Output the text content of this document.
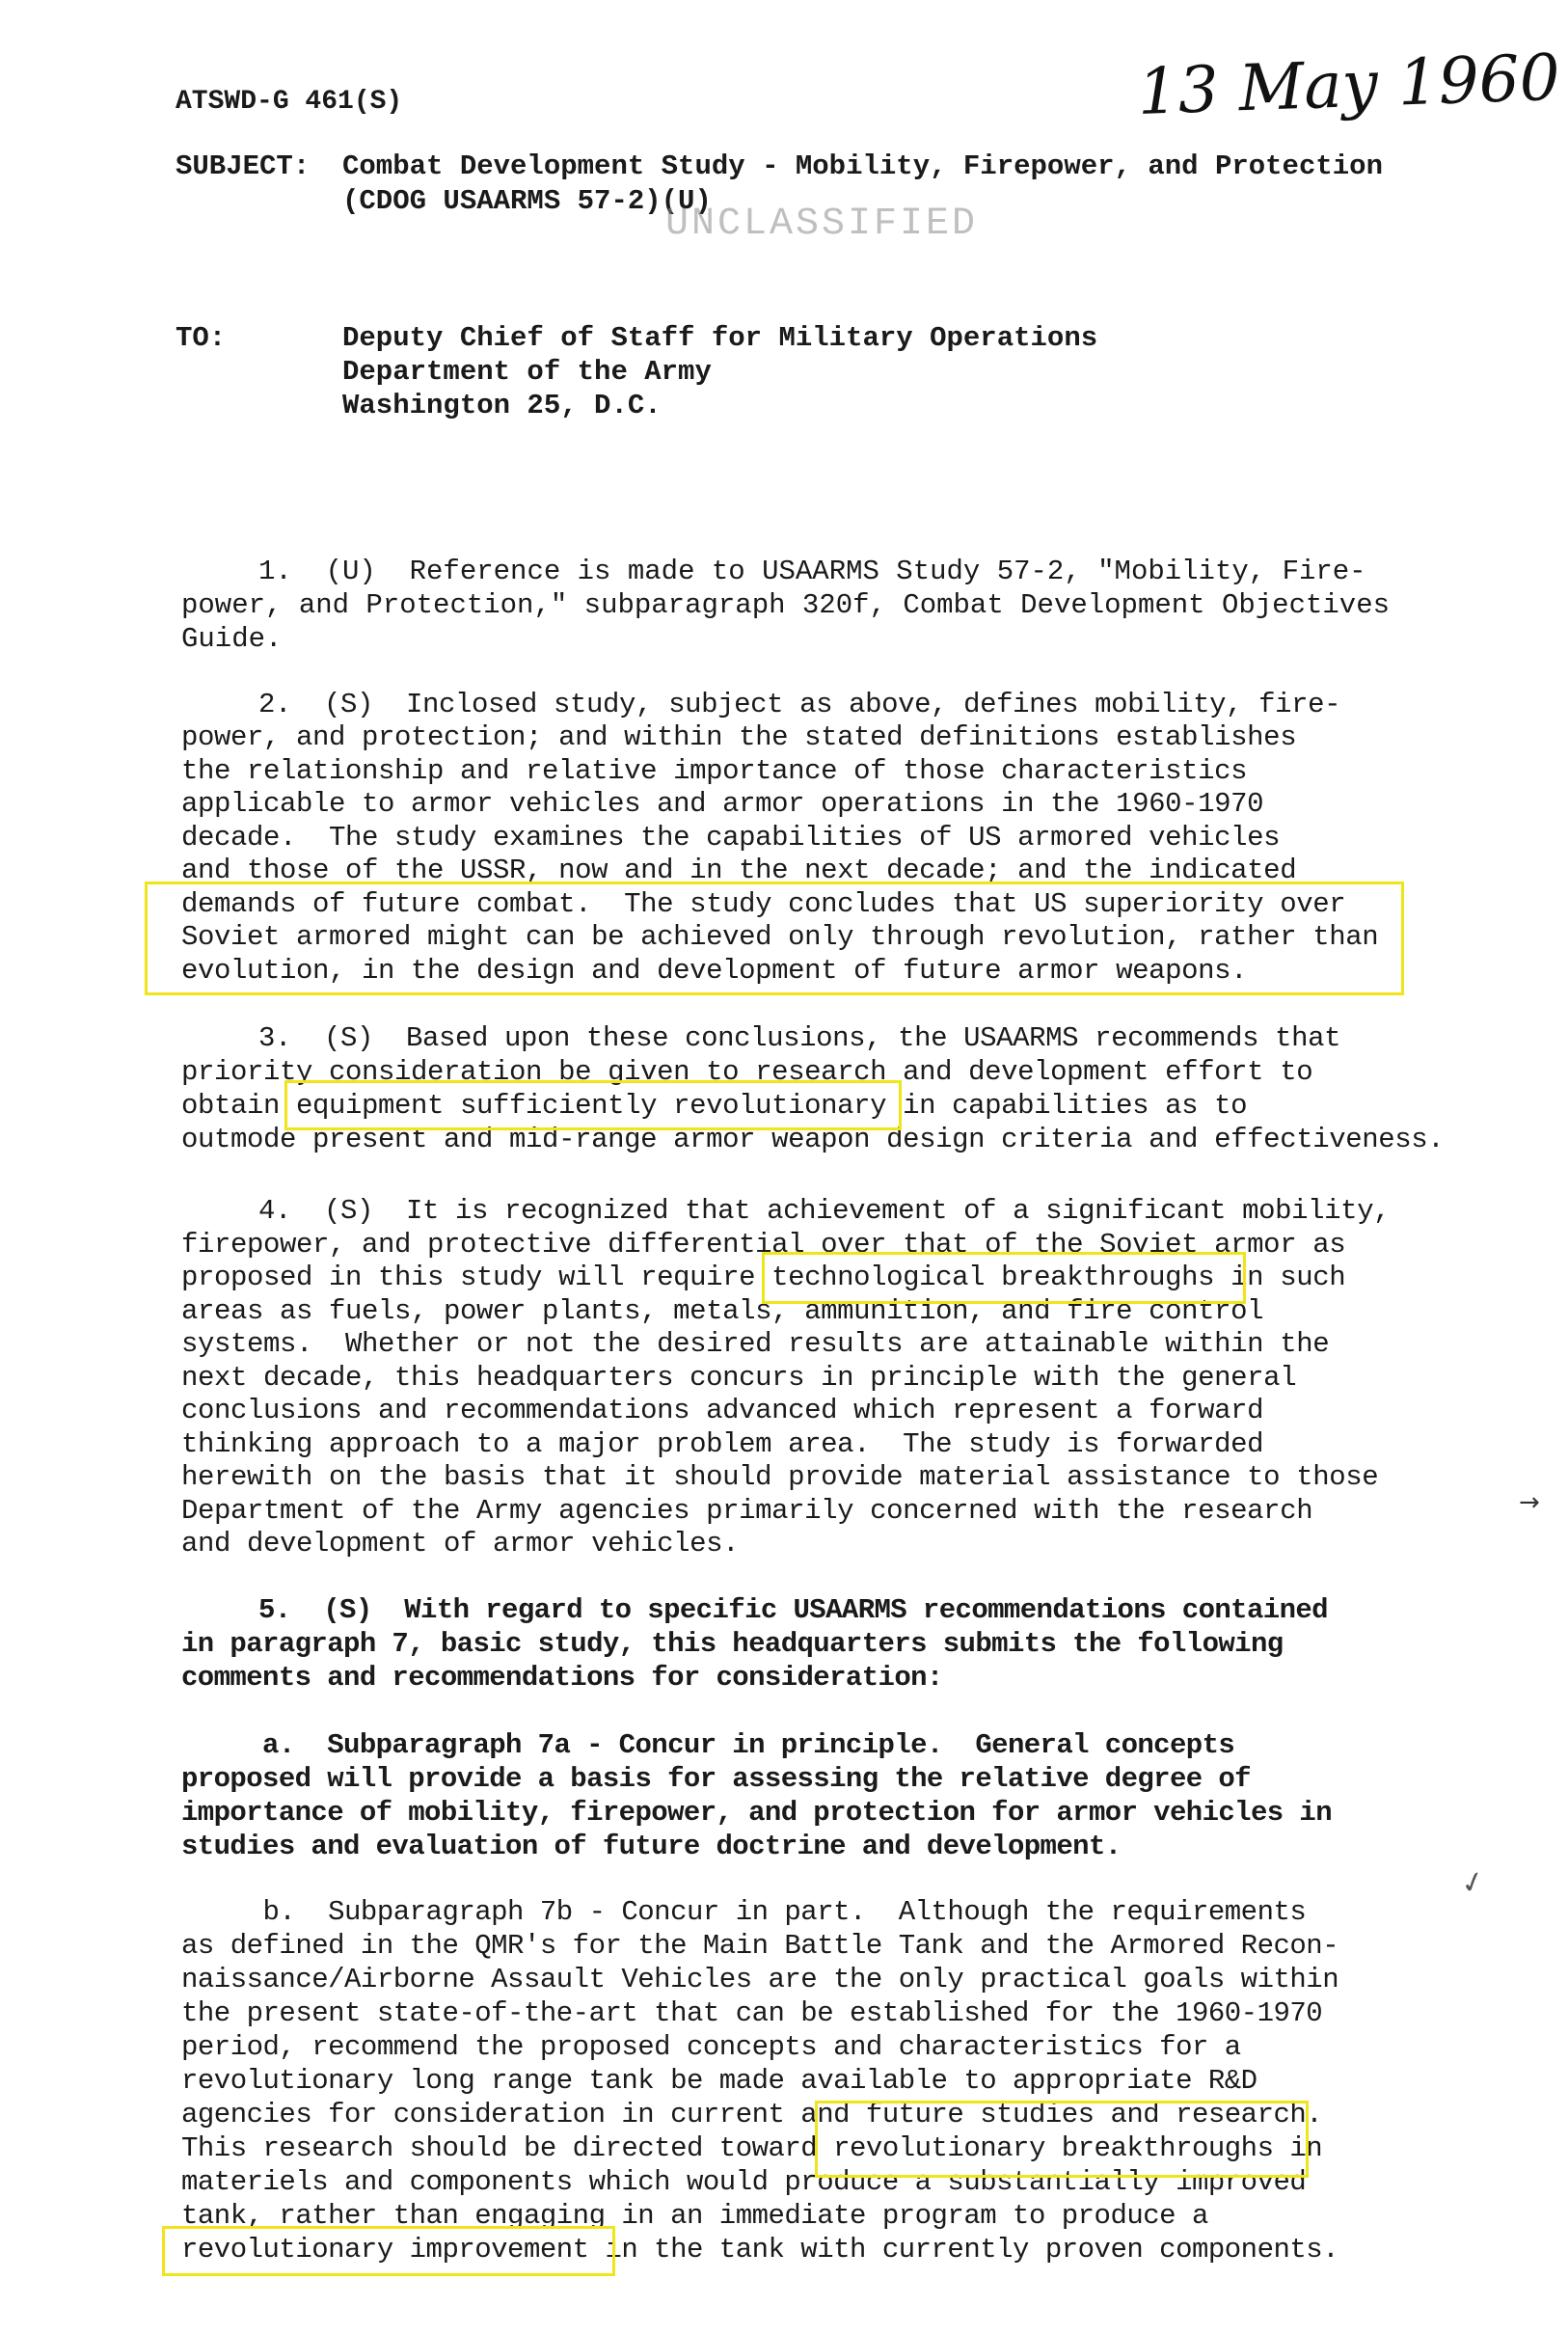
ATSWD-G 461(S)	13 May 1960
SUBJECT:

Combat Development Study - Mobility, Firepower, and Protection

(CDOG USAARMS 57-2)(U)

UNCLASSIFIED
TO:

	Deputy Chief of Staff for Military Operations

Department of the Army

Washington 25, D.C.

1.  (U)  Reference is made to USAARMS Study 57-2, "Mobility, Fire-

power, and Protection," subparagraph 320f, Combat Development Objectives

Guide.

2.  (S)  Inclosed study, subject as above, defines mobility, fire-

power, and protection; and within the stated definitions establishes

the relationship and relative importance of those characteristics

applicable to armor vehicles and armor operations in the 1960-1970

decade.  The study examines the capabilities of US armored vehicles

and those of the USSR, now and in the next decade; and the indicated

demands of future combat.  The study concludes that US superiority over

Soviet armored might can be achieved only through revolution, rather than

evolution, in the design and development of future armor weapons.

3.  (S)  Based upon these conclusions, the USAARMS recommends that

priority consideration be given to research and development effort to

obtain equipment sufficiently revolutionary in capabilities as to

outmode present and mid-range armor weapon design criteria and effectiveness.

4.  (S)  It is recognized that achievement of a significant mobility,

firepower, and protective differential over that of the Soviet armor as

proposed in this study will require technological breakthroughs in such

areas as fuels, power plants, metals, ammunition, and fire control

systems.  Whether or not the desired results are attainable within the

next decade, this headquarters concurs in principle with the general

conclusions and recommendations advanced which represent a forward

thinking approach to a major problem area.  The study is forwarded

herewith on the basis that it should provide material assistance to those

Department of the Army agencies primarily concerned with the research

and development of armor vehicles.

5.  (S)  With regard to specific USAARMS recommendations contained

in paragraph 7, basic study, this headquarters submits the following

comments and recommendations for consideration:

a.  Subparagraph 7a - Concur in principle.  General concepts

proposed will provide a basis for assessing the relative degree of

importance of mobility, firepower, and protection for armor vehicles in

studies and evaluation of future doctrine and development.

b.  Subparagraph 7b - Concur in part.  Although the requirements

as defined in the QMR's for the Main Battle Tank and the Armored Recon-

naissance/Airborne Assault Vehicles are the only practical goals within

the present state-of-the-art that can be established for the 1960-1970

period, recommend the proposed concepts and characteristics for a

revolutionary long range tank be made available to appropriate R&D

agencies for consideration in current and future studies and research.

This research should be directed toward revolutionary breakthroughs in

materiels and components which would produce a substantially improved

tank, rather than engaging in an immediate program to produce a

revolutionary improvement in the tank with currently proven components.

→
✓
